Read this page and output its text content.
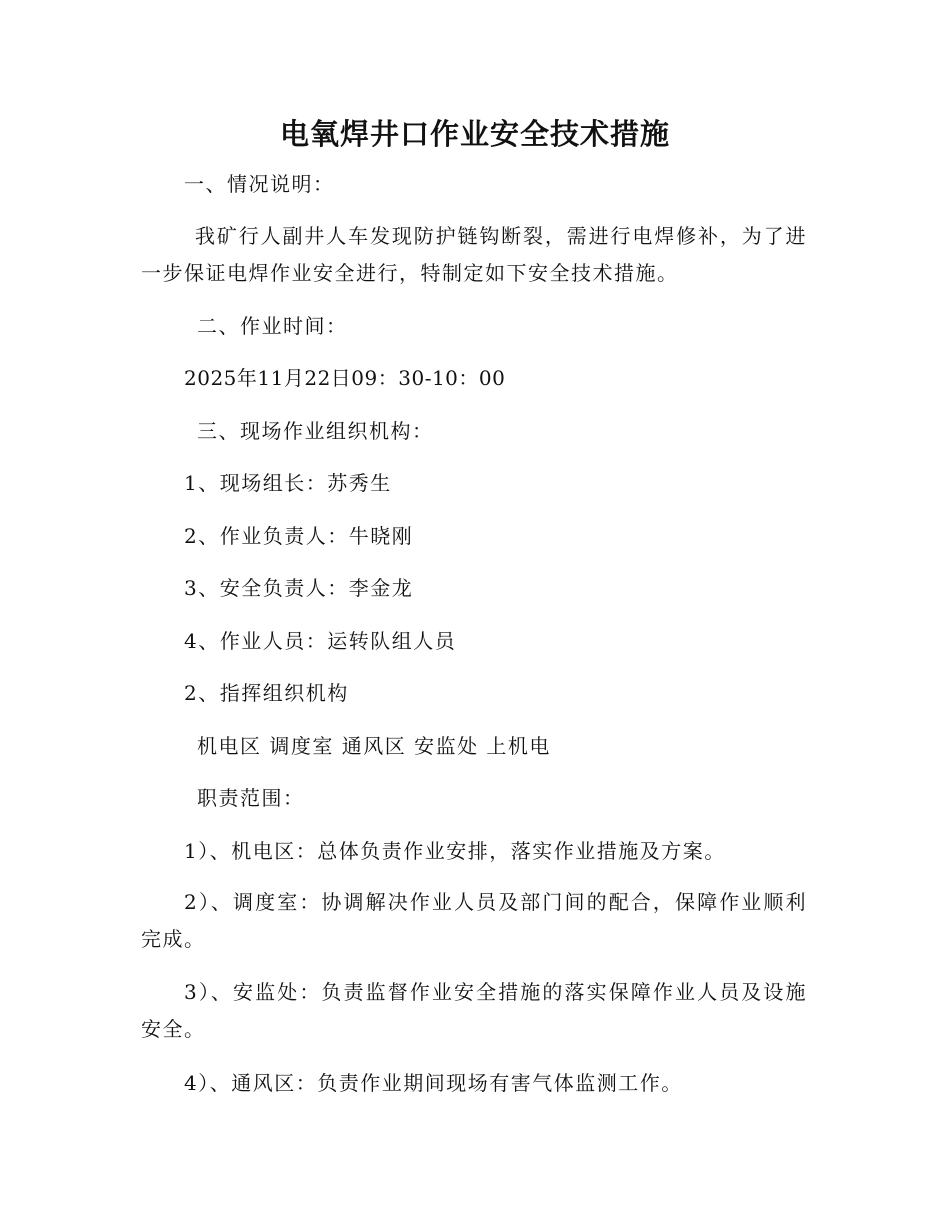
电氧焊井口作业安全技术措施
一、情况说明：
我矿行人副井人车发现防护链钩断裂，需进行电焊修补，为了进一步保证电焊作业安全进行，特制定如下安全技术措施。
二、作业时间：
2025年11月22日09：30-10：00
三、现场作业组织机构：
1、现场组长：苏秀生
2、作业负责人：牛晓刚
3、安全负责人：李金龙
4、作业人员：运转队组人员
2、指挥组织机构
机电区 调度室 通风区 安监处 上机电
职责范围：
1）、机电区：总体负责作业安排，落实作业措施及方案。
2）、调度室：协调解决作业人员及部门间的配合，保障作业顺利完成。
3）、安监处：负责监督作业安全措施的落实保障作业人员及设施安全。
4）、通风区：负责作业期间现场有害气体监测工作。
